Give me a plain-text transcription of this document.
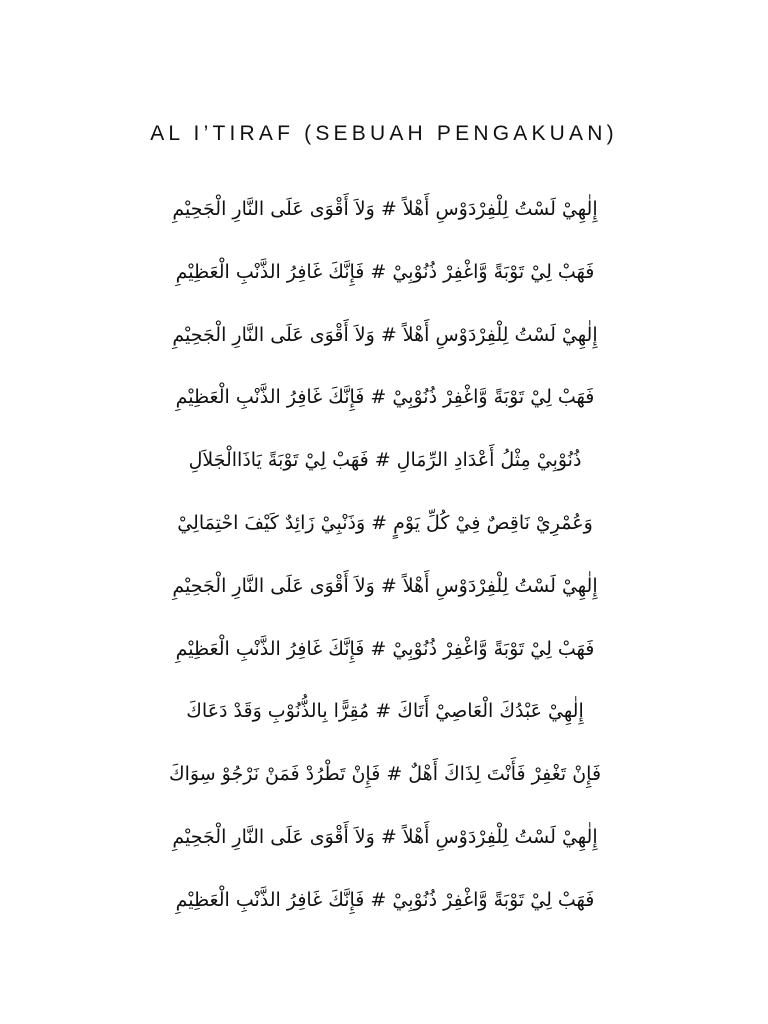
AL I’TIRAF (SEBUAH PENGAKUAN)
إِلٰهِيْ لَسْتُ لِلْفِرْدَوْسِ أَهْلاً # وَلاَ أَقْوَى عَلَى النَّارِ الْجَحِيْمِ
فَهَبْ لِيْ تَوْبَةً وَّاغْفِرْ ذُنُوْبِيْ # فَإِنَّكَ غَافِرُ الذَّنْبِ الْعَظِيْمِ
إِلٰهِيْ لَسْتُ لِلْفِرْدَوْسِ أَهْلاً # وَلاَ أَقْوَى عَلَى النَّارِ الْجَحِيْمِ
فَهَبْ لِيْ تَوْبَةً وَّاغْفِرْ ذُنُوْبِيْ # فَإِنَّكَ غَافِرُ الذَّنْبِ الْعَظِيْمِ
ذُنُوْبِيْ مِثْلُ أَعْدَادِ الرِّمَالِ # فَهَبْ لِيْ تَوْبَةً يَاذَاالْجَلاَلِ
وَعُمْرِيْ نَاقِصٌ فِيْ كُلِّ يَوْمٍ # وَذَنْبِيْ زَائِدٌ كَيْفَ احْتِمَالِيْ
إِلٰهِيْ لَسْتُ لِلْفِرْدَوْسِ أَهْلاً # وَلاَ أَقْوَى عَلَى النَّارِ الْجَحِيْمِ
فَهَبْ لِيْ تَوْبَةً وَّاغْفِرْ ذُنُوْبِيْ # فَإِنَّكَ غَافِرُ الذَّنْبِ الْعَظِيْمِ
إِلٰهِيْ عَبْدُكَ الْعَاصِيْ أَتَاكَ # مُقِرًّا بِالذُّنُوْبِ وَقَدْ دَعَاكَ
فَإِنْ تَغْفِرْ فَأَنْتَ لِذَاكَ أَهْلٌ # فَإِنْ تَطْرُدْ فَمَنْ نَرْجُوْ سِوَاكَ
إِلٰهِيْ لَسْتُ لِلْفِرْدَوْسِ أَهْلاً # وَلاَ أَقْوَى عَلَى النَّارِ الْجَحِيْمِ
فَهَبْ لِيْ تَوْبَةً وَّاغْفِرْ ذُنُوْبِيْ # فَإِنَّكَ غَافِرُ الذَّنْبِ الْعَظِيْمِ
